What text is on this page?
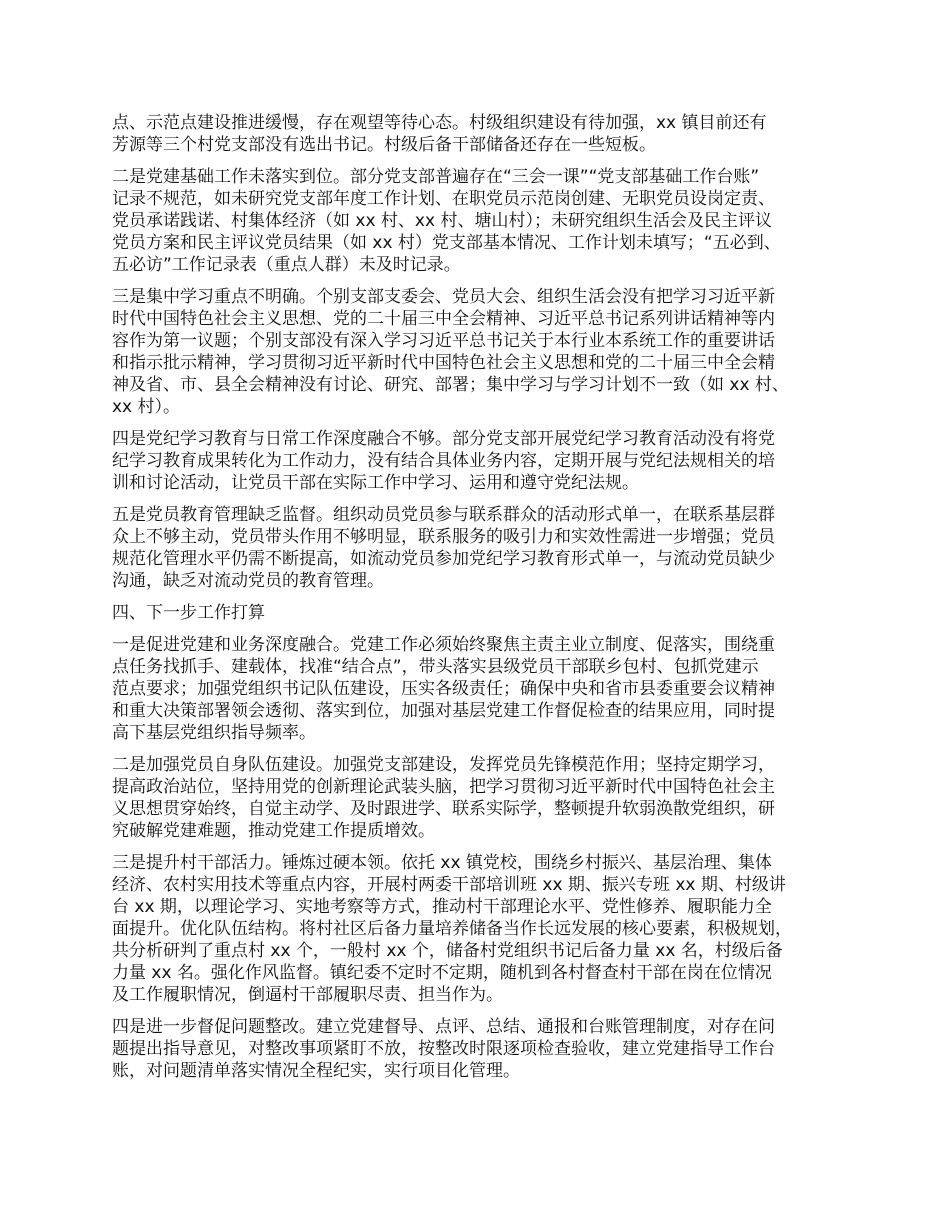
点、示范点建设推进缓慢，存在观望等待心态。村级组织建设有待加强，xx 镇目前还有
芳源等三个村党支部没有选出书记。村级后备干部储备还存在一些短板。

二是党建基础工作未落实到位。部分党支部普遍存在“三会一课”“党支部基础工作台账”
记录不规范，如未研究党支部年度工作计划、在职党员示范岗创建、无职党员设岗定责、
党员承诺践诺、村集体经济（如 xx 村、xx 村、塘山村）；未研究组织生活会及民主评议
党员方案和民主评议党员结果（如 xx 村）党支部基本情况、工作计划未填写；“五必到、
五必访”工作记录表（重点人群）未及时记录。

三是集中学习重点不明确。个别支部支委会、党员大会、组织生活会没有把学习习近平新
时代中国特色社会主义思想、党的二十届三中全会精神、习近平总书记系列讲话精神等内
容作为第一议题；个别支部没有深入学习习近平总书记关于本行业本系统工作的重要讲话
和指示批示精神，学习贯彻习近平新时代中国特色社会主义思想和党的二十届三中全会精
神及省、市、县全会精神没有讨论、研究、部署；集中学习与学习计划不一致（如 xx 村、
xx 村）。

四是党纪学习教育与日常工作深度融合不够。部分党支部开展党纪学习教育活动没有将党
纪学习教育成果转化为工作动力，没有结合具体业务内容，定期开展与党纪法规相关的培
训和讨论活动，让党员干部在实际工作中学习、运用和遵守党纪法规。

五是党员教育管理缺乏监督。组织动员党员参与联系群众的活动形式单一，在联系基层群
众上不够主动，党员带头作用不够明显，联系服务的吸引力和实效性需进一步增强；党员
规范化管理水平仍需不断提高，如流动党员参加党纪学习教育形式单一，与流动党员缺少
沟通，缺乏对流动党员的教育管理。

四、下一步工作打算

一是促进党建和业务深度融合。党建工作必须始终聚焦主责主业立制度、促落实，围绕重
点任务找抓手、建载体，找准“结合点”，带头落实县级党员干部联乡包村、包抓党建示
范点要求；加强党组织书记队伍建设，压实各级责任；确保中央和省市县委重要会议精神
和重大决策部署领会透彻、落实到位，加强对基层党建工作督促检查的结果应用，同时提
高下基层党组织指导频率。

二是加强党员自身队伍建设。加强党支部建设，发挥党员先锋模范作用；坚持定期学习，
提高政治站位，坚持用党的创新理论武装头脑，把学习贯彻习近平新时代中国特色社会主
义思想贯穿始终，自觉主动学、及时跟进学、联系实际学，整顿提升软弱涣散党组织，研
究破解党建难题，推动党建工作提质增效。

三是提升村干部活力。锤炼过硬本领。依托 xx 镇党校，围绕乡村振兴、基层治理、集体
经济、农村实用技术等重点内容，开展村两委干部培训班 xx 期、振兴专班 xx 期、村级讲
台 xx 期，以理论学习、实地考察等方式，推动村干部理论水平、党性修养、履职能力全
面提升。优化队伍结构。将村社区后备力量培养储备当作长远发展的核心要素，积极规划，
共分析研判了重点村 xx 个，一般村 xx 个，储备村党组织书记后备力量 xx 名，村级后备
力量 xx 名。强化作风监督。镇纪委不定时不定期，随机到各村督查村干部在岗在位情况
及工作履职情况，倒逼村干部履职尽责、担当作为。

四是进一步督促问题整改。建立党建督导、点评、总结、通报和台账管理制度，对存在问
题提出指导意见，对整改事项紧盯不放，按整改时限逐项检查验收，建立党建指导工作台
账，对问题清单落实情况全程纪实，实行项目化管理。
